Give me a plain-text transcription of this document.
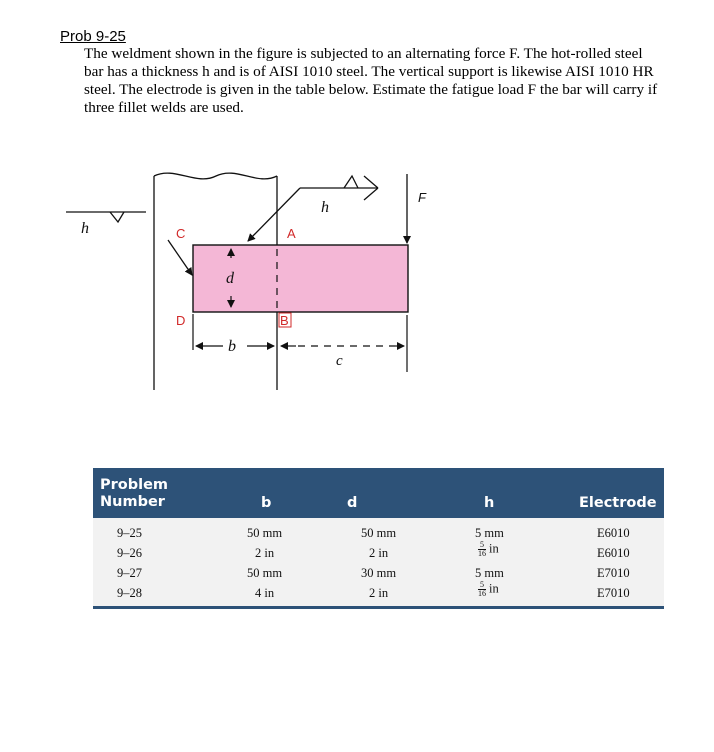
Prob 9-25

The weldment shown in the figure is subjected to an alternating force F. The hot-rolled steel bar has a thickness h and is of AISI 1010 steel. The vertical support is likewise AISI 1010 HR steel. The electrode is given in the table below. Estimate the fatigue load F the bar will carry if three fillet welds are used.

h	C
D
h
A
B
F
d
b
c
Problem Number	b	d	h	Electrode
9–25	50 mm	50 mm	5 mm	E6010
9–26	2 in	2 in	$\frac{5}{16}$ in	E6010
9–27	50 mm	30 mm	5 mm	E7010
9–28	4 in	2 in	$\frac{5}{16}$ in	E7010
